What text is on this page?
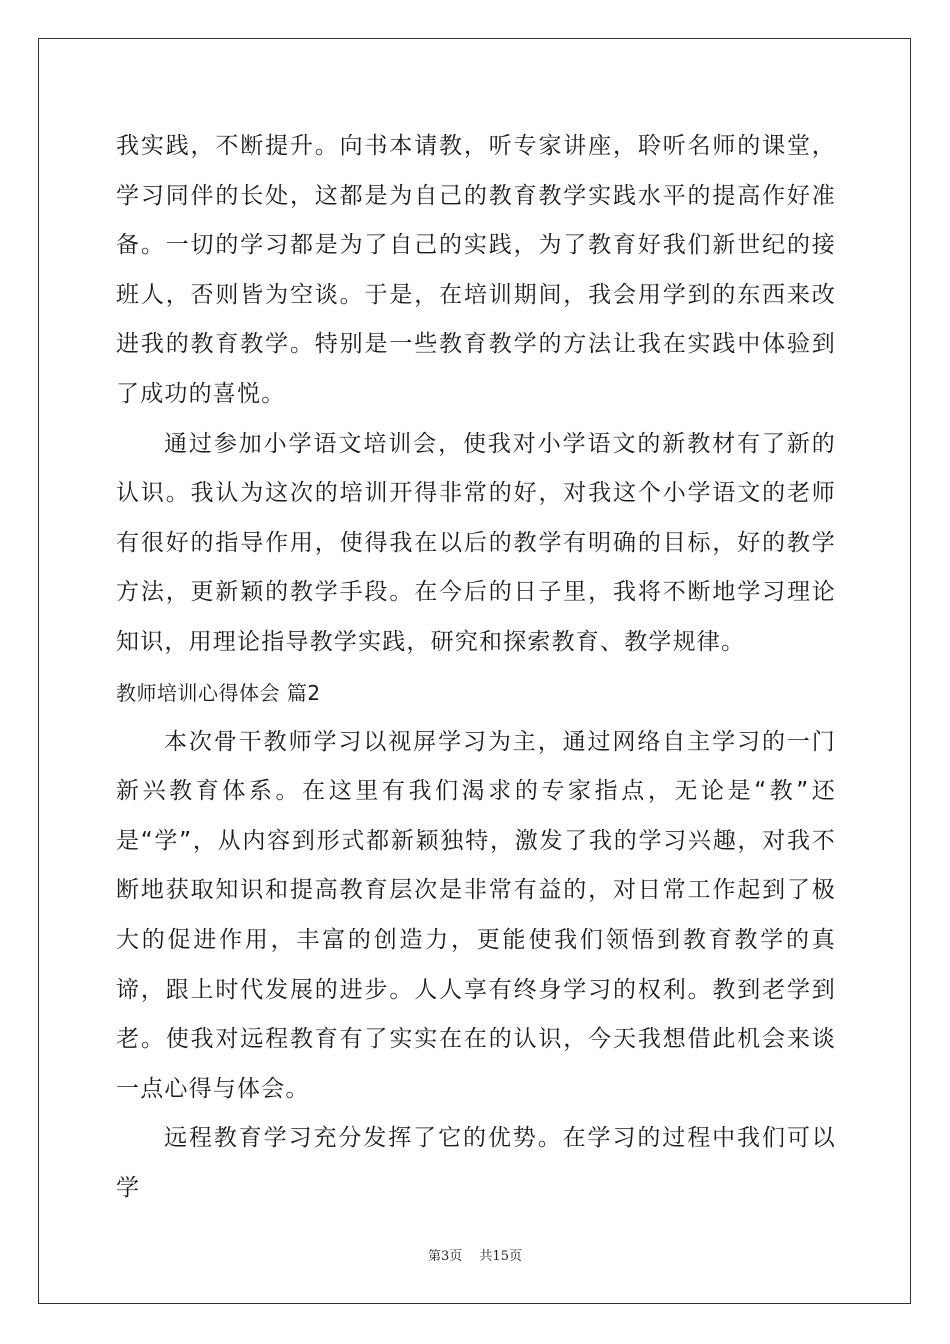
我实践，不断提升。向书本请教，听专家讲座，聆听名师的课堂，学习同伴的长处，这都是为自己的教育教学实践水平的提高作好准备。一切的学习都是为了自己的实践，为了教育好我们新世纪的接班人，否则皆为空谈。于是，在培训期间，我会用学到的东西来改进我的教育教学。特别是一些教育教学的方法让我在实践中体验到了成功的喜悦。

通过参加小学语文培训会，使我对小学语文的新教材有了新的认识。我认为这次的培训开得非常的好，对我这个小学语文的老师有很好的指导作用，使得我在以后的教学有明确的目标，好的教学方法，更新颖的教学手段。在今后的日子里，我将不断地学习理论知识，用理论指导教学实践，研究和探索教育、教学规律。

教师培训心得体会 篇2

本次骨干教师学习以视屏学习为主，通过网络自主学习的一门新兴教育体系。在这里有我们渴求的专家指点，无论是“教”还是“学”，从内容到形式都新颖独特，激发了我的学习兴趣，对我不断地获取知识和提高教育层次是非常有益的，对日常工作起到了极大的促进作用，丰富的创造力，更能使我们领悟到教育教学的真谛，跟上时代发展的进步。人人享有终身学习的权利。教到老学到老。使我对远程教育有了实实在在的认识，今天我想借此机会来谈一点心得与体会。

远程教育学习充分发挥了它的优势。在学习的过程中我们可以学

第3页　 共15页
